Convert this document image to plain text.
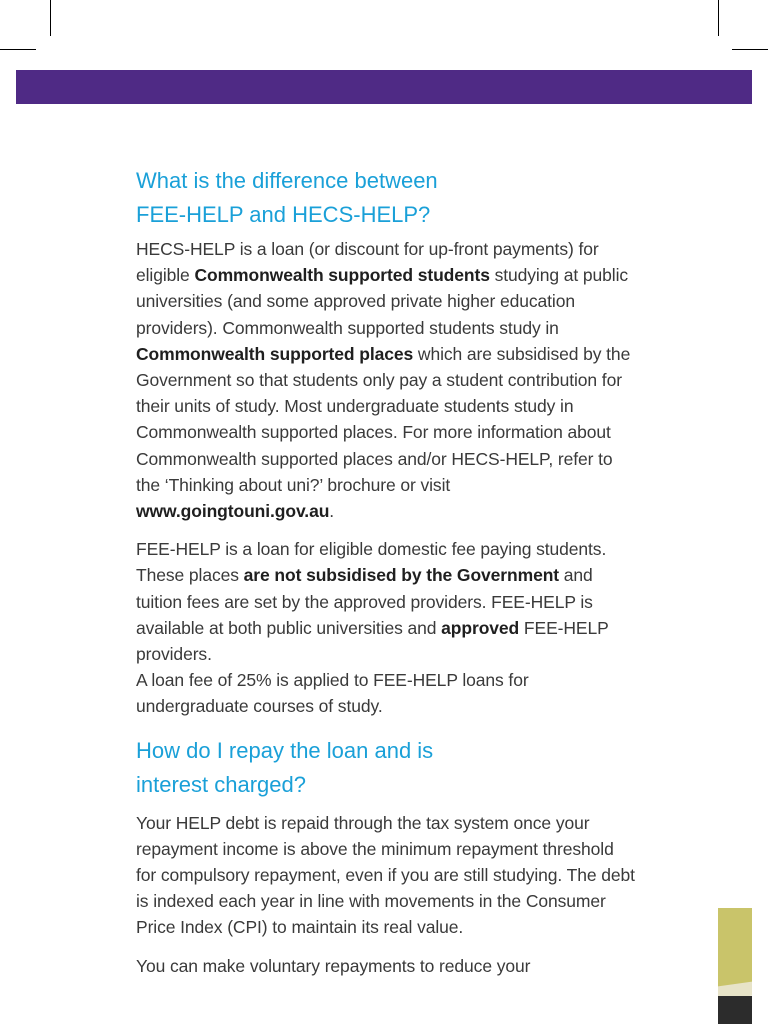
What is the difference between
FEE-HELP and HECS-HELP?

HECS-HELP is a loan (or discount for up-front payments) for eligible Commonwealth supported students studying at public universities (and some approved private higher education providers). Commonwealth supported students study in Commonwealth supported places which are subsidised by the Government so that students only pay a student contribution for their units of study. Most undergraduate students study in Commonwealth supported places. For more information about Commonwealth supported places and/or HECS-HELP, refer to the ‘Thinking about uni?’ brochure or visit www.goingtouni.gov.au.

FEE-HELP is a loan for eligible domestic fee paying students. These places are not subsidised by the Government and tuition fees are set by the approved providers. FEE-HELP is available at both public universities and approved FEE-HELP providers.
A loan fee of 25% is applied to FEE-HELP loans for undergraduate courses of study.

How do I repay the loan and is
interest charged?

Your HELP debt is repaid through the tax system once your repayment income is above the minimum repayment threshold for compulsory repayment, even if you are still studying. The debt is indexed each year in line with movements in the Consumer Price Index (CPI) to maintain its real value.

You can make voluntary repayments to reduce your
